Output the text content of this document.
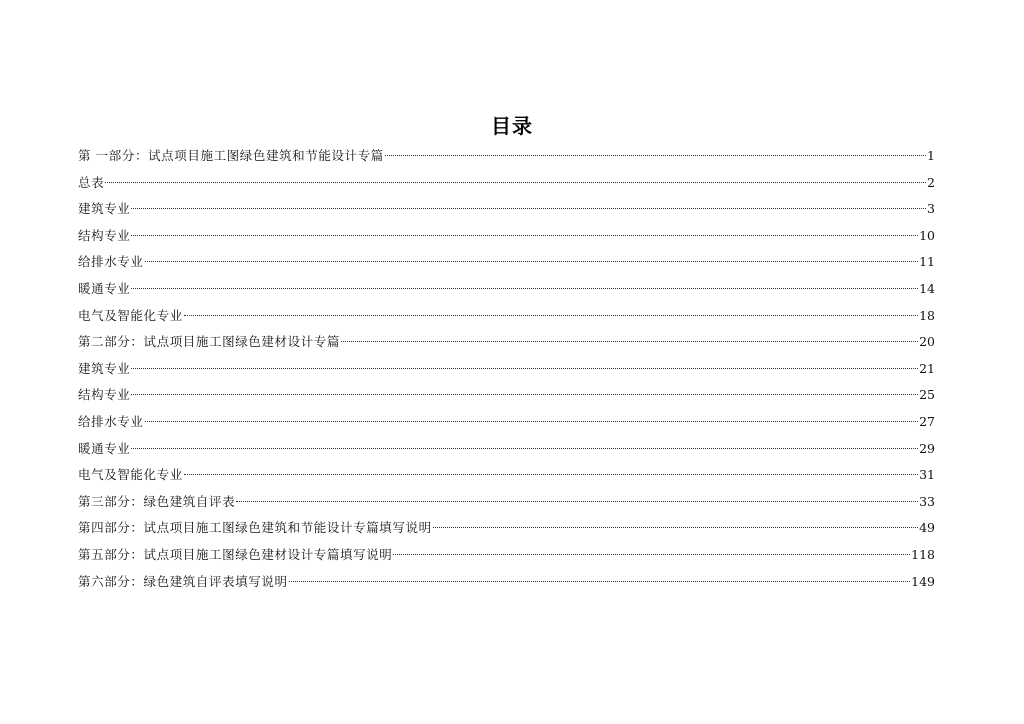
目录
第 一部分：试点项目施工图绿色建筑和节能设计专篇	1
总表	2
建筑专业	3
结构专业	10
给排水专业	11
暖通专业	14
电气及智能化专业	18
第二部分：试点项目施工图绿色建材设计专篇	20
建筑专业	21
结构专业	25
给排水专业	27
暖通专业	29
电气及智能化专业	31
第三部分：绿色建筑自评表	33
第四部分：试点项目施工图绿色建筑和节能设计专篇填写说明	49
第五部分：试点项目施工图绿色建材设计专篇填写说明	118
第六部分：绿色建筑自评表填写说明	149
